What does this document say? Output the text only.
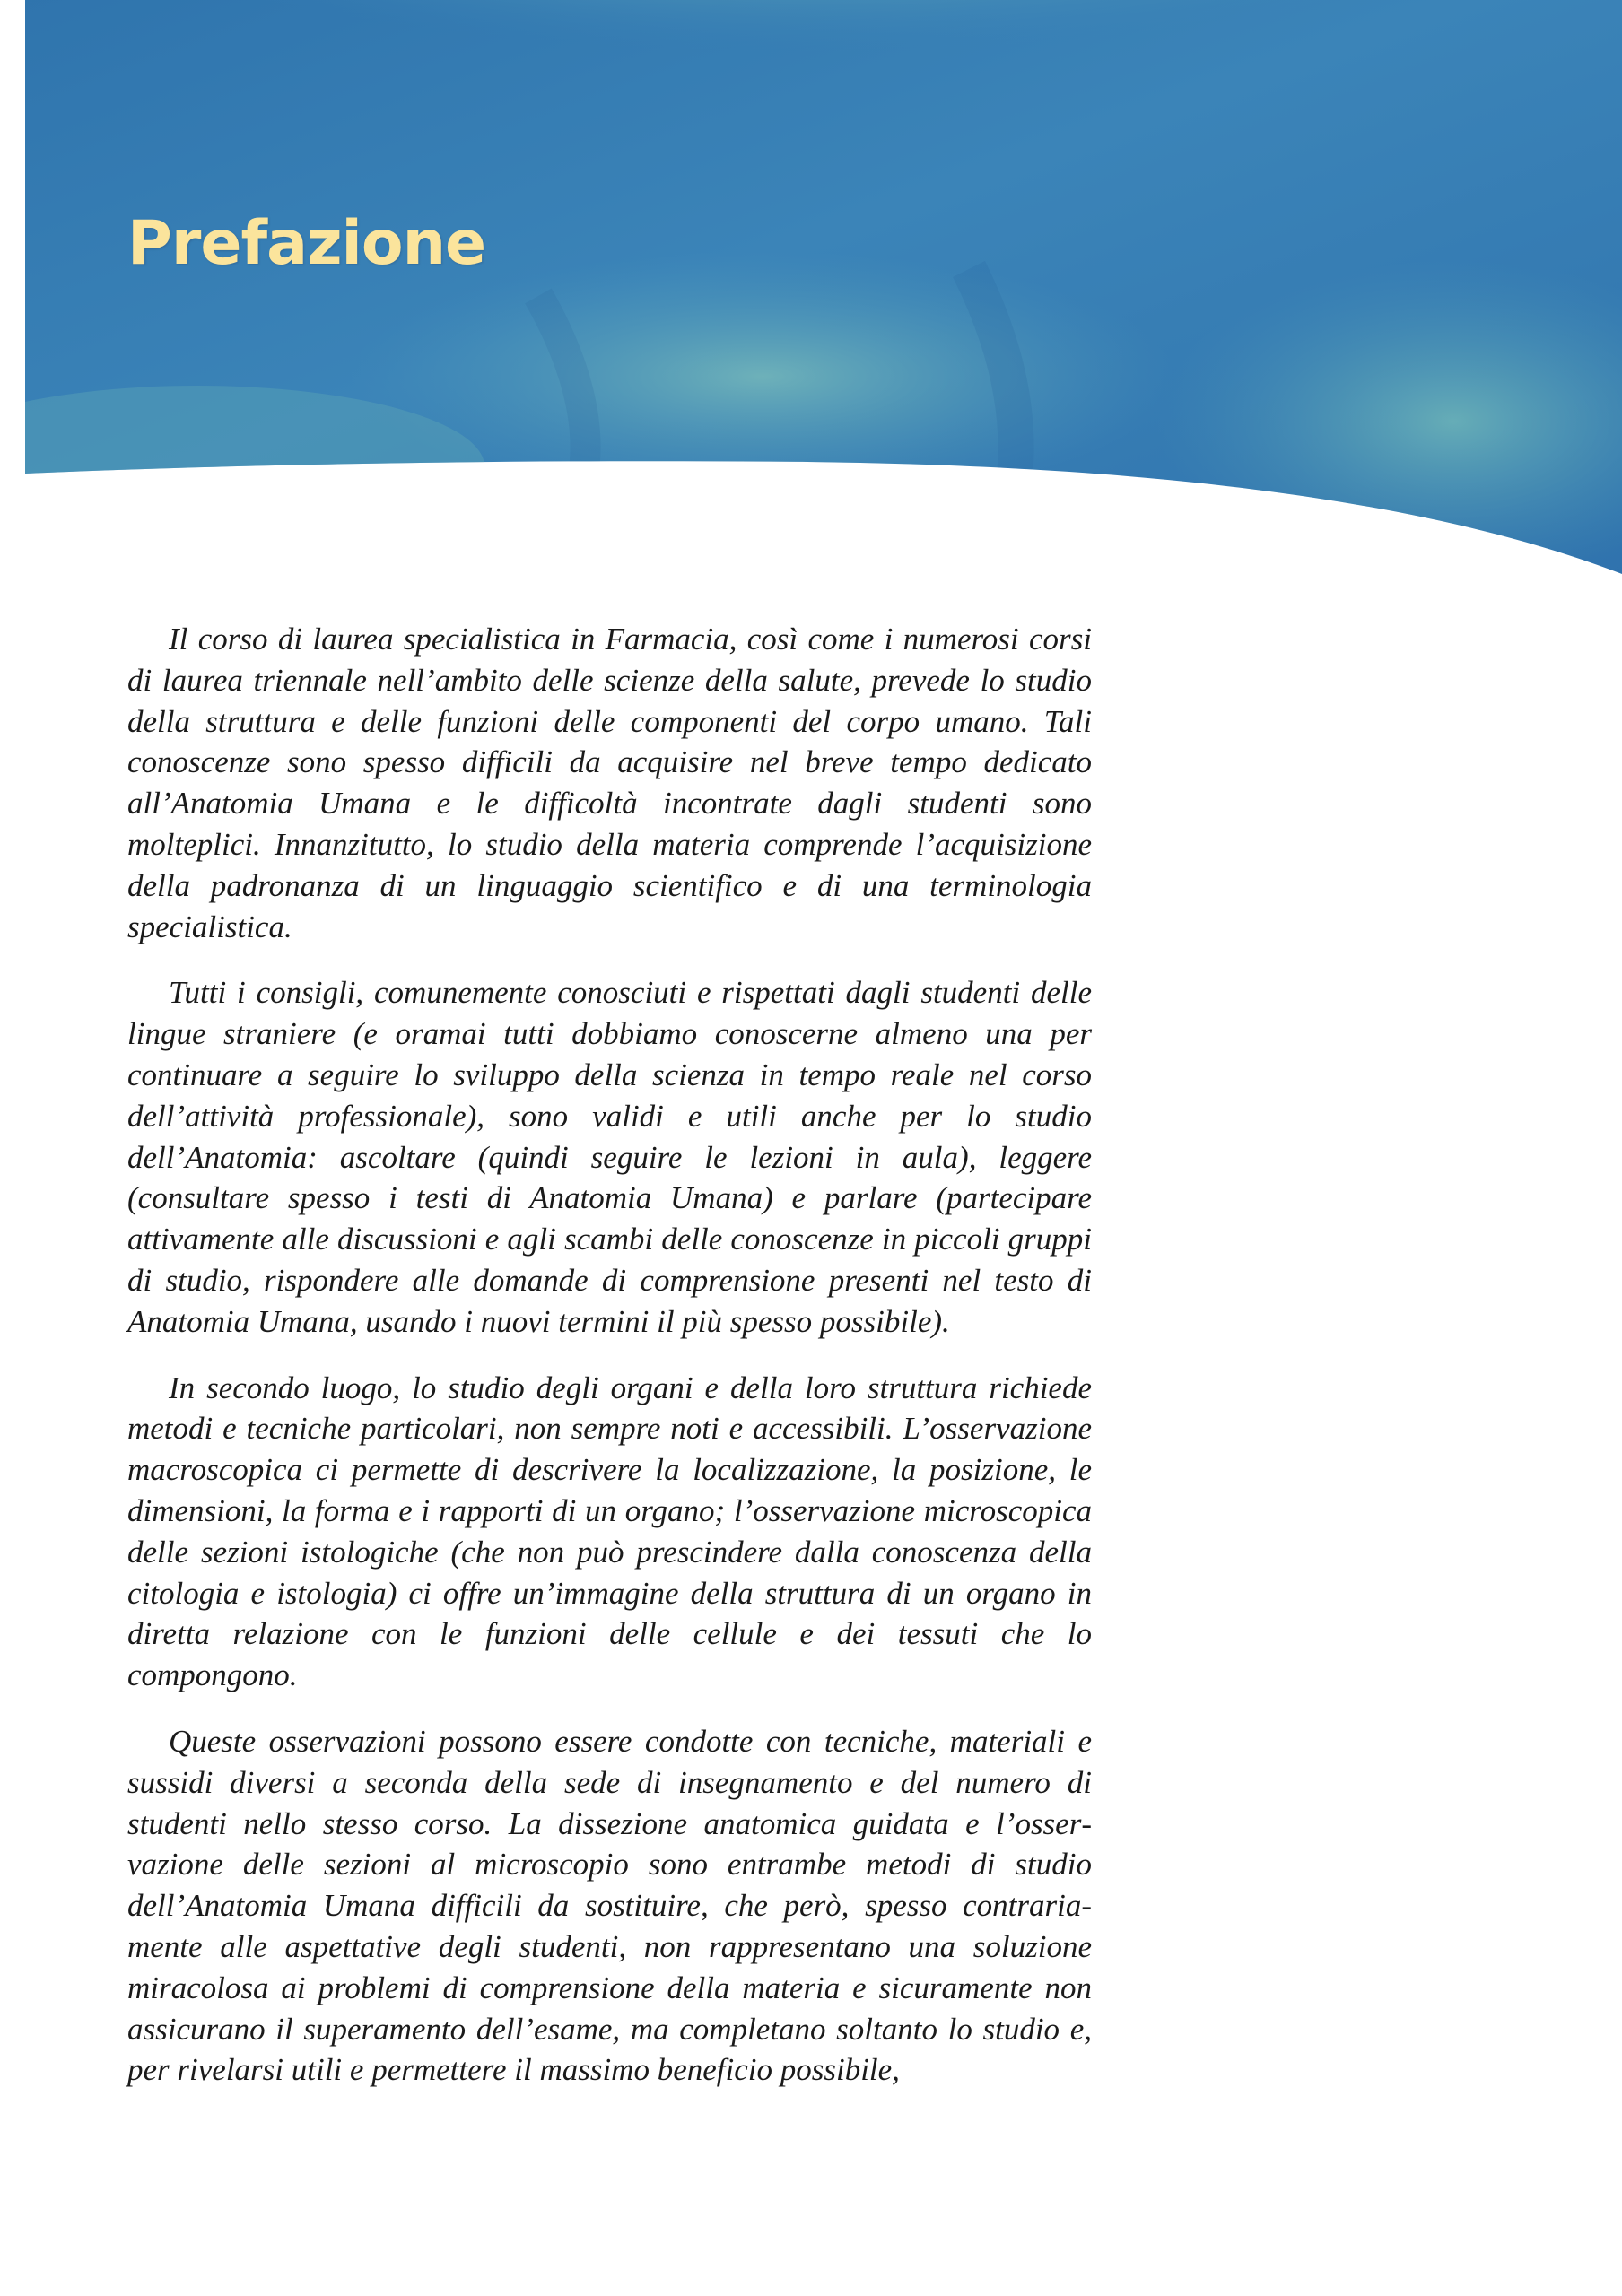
Prefazione

Il corso di laurea specialistica in Farmacia, così come i numerosi corsi di laurea triennale nell’ambito delle scienze della salute, prevede lo studio della struttura e delle funzioni delle componenti del corpo umano. Tali conoscenze sono spesso difficili da acquisire nel breve tempo dedicato all’Anatomia Umana e le difficoltà incontrate dagli studenti sono molteplici. Innanzitutto, lo studio della materia comprende l’acquisizione della padronanza di un linguaggio scientifico e di una terminologia specialistica.

Tutti i consigli, comunemente conosciuti e rispettati dagli studenti delle lingue straniere (e oramai tutti dobbiamo conoscerne almeno una per continuare a seguire lo sviluppo della scienza in tempo reale nel corso dell’attività professionale), sono validi e utili anche per lo studio dell’Anatomia: ascoltare (quindi seguire le lezioni in aula), leggere (consultare spesso i testi di Anatomia Umana) e parlare (partecipare attivamente alle discussioni e agli scambi delle conoscenze in piccoli gruppi di studio, rispondere alle domande di comprensione presenti nel testo di Anatomia Umana, usando i nuovi termini il più spesso possibile).

In secondo luogo, lo studio degli organi e della loro struttura richiede metodi e tecniche particolari, non sempre noti e accessibili. L’osservazione macroscopica ci permette di descrivere la localizzazione, la posizione, le dimensioni, la forma e i rapporti di un organo; l’osservazione microscopica delle sezioni istologiche (che non può prescindere dalla conoscenza della citologia e istologia) ci offre un’immagine della struttura di un organo in diretta relazione con le funzioni delle cellule e dei tessuti che lo compongono.

Queste osservazioni possono essere condotte con tecniche, materiali e sussidi diversi a seconda della sede di insegnamento e del numero di studenti nello stesso corso. La dissezione anatomica guidata e l’osservazione delle sezioni al microscopio sono entrambe metodi di studio dell’Anatomia Umana difficili da sostituire, che però, spesso contrariamente alle aspettative degli studenti, non rappresentano una soluzione miracolosa ai problemi di comprensione della materia e sicuramente non assicurano il superamento dell’esame, ma completano soltanto lo studio e, per rivelarsi utili e permettere il massimo beneficio possibile,
